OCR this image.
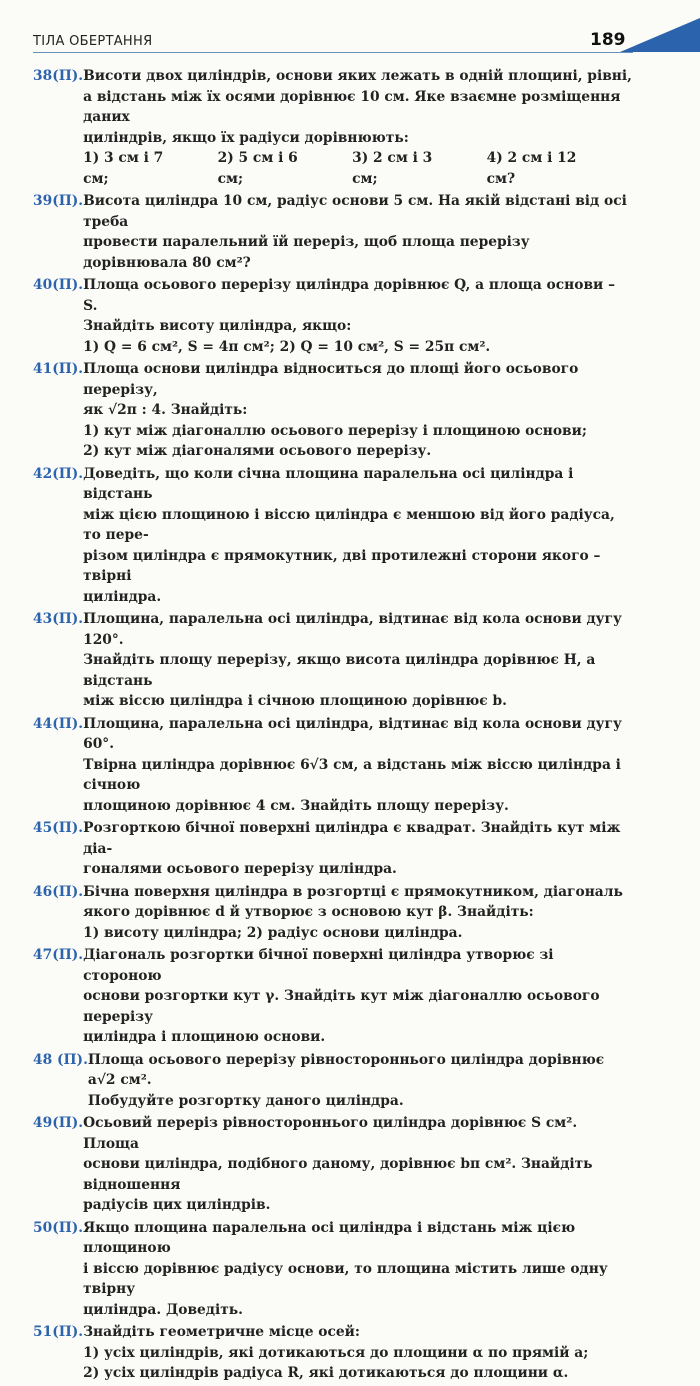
ТІЛА ОБЕРТАННЯ	189
38(П). Висоти двох циліндрів, основи яких лежать в одній площині, рівні,
а відстань між їх осями дорівнює 10 см. Яке взаємне розміщення даних
циліндрів, якщо їх радіуси дорівнюють:
1) 3 см і 7 см;
2) 5 см і 6 см;
3) 2 см і 3 см;
4) 2 см і 12 см?
39(П). Висота циліндра 10 см, радіус основи 5 см. На якій відстані від осі треба
провести паралельний їй переріз, щоб площа перерізу дорівнювала 80 см²?
40(П). Площа осьового перерізу циліндра дорівнює Q, а площа основи – S.
Знайдіть висоту циліндра, якщо:
1) Q = 6 см², S = 4π см²; 2) Q = 10 см², S = 25π см².
41(П). Площа основи циліндра відноситься до площі його осьового перерізу,
як √2π : 4. Знайдіть:
1) кут між діагоналлю осьового перерізу і площиною основи;
2) кут між діагоналями осьового перерізу.
42(П). Доведіть, що коли січна площина паралельна осі циліндра і відстань
між цією площиною і віссю циліндра є меншою від його радіуса, то пере-
різом циліндра є прямокутник, дві протилежні сторони якого – твірні
циліндра.
43(П). Площина, паралельна осі циліндра, відтинає від кола основи дугу 120°.
Знайдіть площу перерізу, якщо висота циліндра дорівнює H, а відстань
між віссю циліндра і січною площиною дорівнює b.
44(П). Площина, паралельна осі циліндра, відтинає від кола основи дугу 60°.
Твірна циліндра дорівнює 6√3 см, а відстань між віссю циліндра і січною
площиною дорівнює 4 см. Знайдіть площу перерізу.
45(П). Розгорткою бічної поверхні циліндра є квадрат. Знайдіть кут між діа-
гоналями осьового перерізу циліндра.
46(П). Бічна поверхня циліндра в розгортці є прямокутником, діагональ
якого дорівнює d й утворює з основою кут β. Знайдіть:
1) висоту циліндра; 2) радіус основи циліндра.
47(П). Діагональ розгортки бічної поверхні циліндра утворює зі стороною
основи розгортки кут γ. Знайдіть кут між діагоналлю осьового перерізу
циліндра і площиною основи.
48 (П). Площа осьового перерізу рівностороннього циліндра дорівнює a√2 см².
Побудуйте розгортку даного циліндра.
49(П). Осьовий переріз рівностороннього циліндра дорівнює S см². Площа
основи циліндра, подібного даному, дорівнює bπ см². Знайдіть відношення
радіусів цих циліндрів.
50(П). Якщо площина паралельна осі циліндра і відстань між цією площиною
і віссю дорівнює радіусу основи, то площина містить лише одну твірну
циліндра. Доведіть.
51(П). Знайдіть геометричне місце осей:
1) усіх циліндрів, які дотикаються до площини α по прямій a;
2) усіх циліндрів радіуса R, які дотикаються до площини α.
